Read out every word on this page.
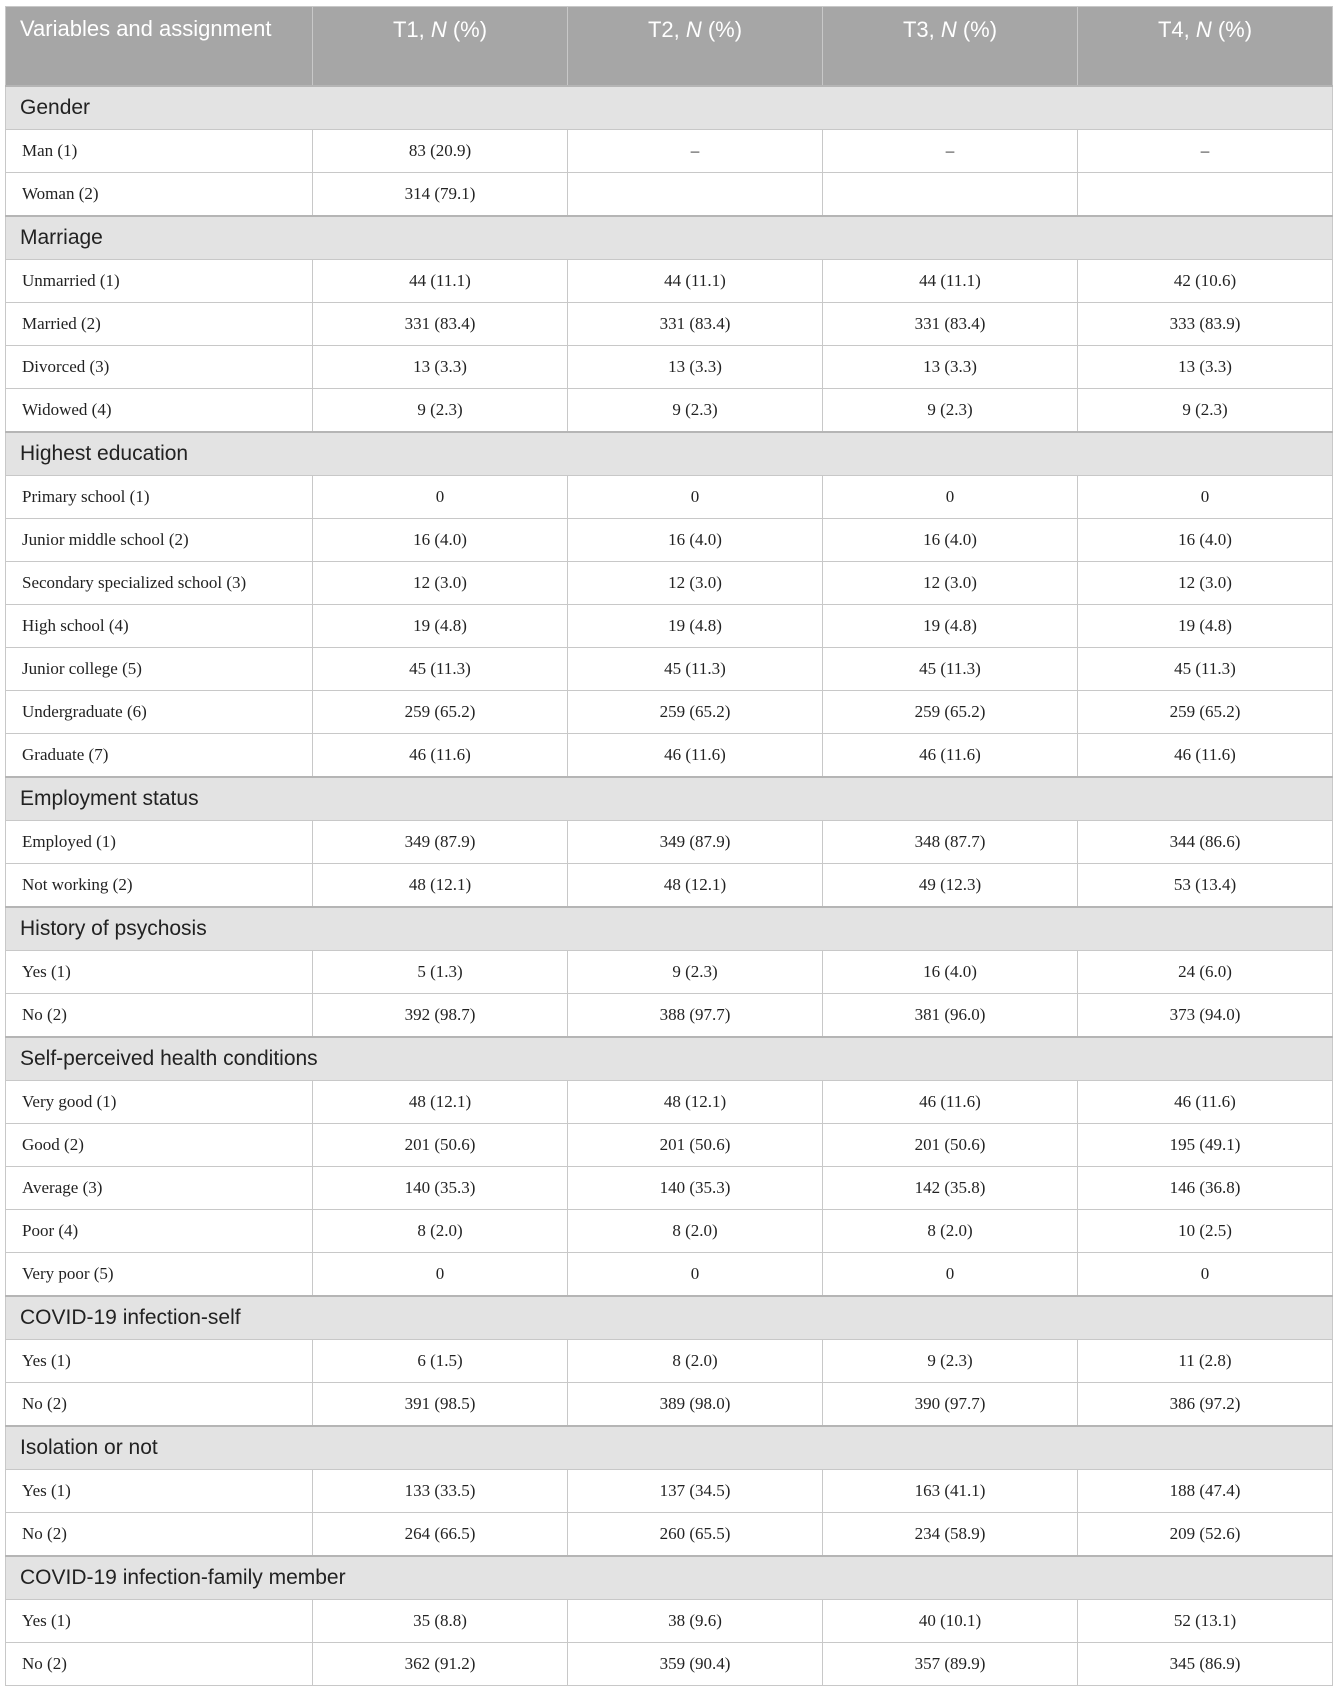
Variables and assignment	T1, N (%)	T2, N (%)	T3, N (%)	T4, N (%)
Gender				
Man (1)	83 (20.9)	–	–	–
Woman (2)	314 (79.1)			
Marriage				
Unmarried (1)	44 (11.1)	44 (11.1)	44 (11.1)	42 (10.6)
Married (2)	331 (83.4)	331 (83.4)	331 (83.4)	333 (83.9)
Divorced (3)	13 (3.3)	13 (3.3)	13 (3.3)	13 (3.3)
Widowed (4)	9 (2.3)	9 (2.3)	9 (2.3)	9 (2.3)
Highest education				
Primary school (1)	0	0	0	0
Junior middle school (2)	16 (4.0)	16 (4.0)	16 (4.0)	16 (4.0)
Secondary specialized school (3)	12 (3.0)	12 (3.0)	12 (3.0)	12 (3.0)
High school (4)	19 (4.8)	19 (4.8)	19 (4.8)	19 (4.8)
Junior college (5)	45 (11.3)	45 (11.3)	45 (11.3)	45 (11.3)
Undergraduate (6)	259 (65.2)	259 (65.2)	259 (65.2)	259 (65.2)
Graduate (7)	46 (11.6)	46 (11.6)	46 (11.6)	46 (11.6)
Employment status				
Employed (1)	349 (87.9)	349 (87.9)	348 (87.7)	344 (86.6)
Not working (2)	48 (12.1)	48 (12.1)	49 (12.3)	53 (13.4)
History of psychosis				
Yes (1)	5 (1.3)	9 (2.3)	16 (4.0)	24 (6.0)
No (2)	392 (98.7)	388 (97.7)	381 (96.0)	373 (94.0)
Self-perceived health conditions				
Very good (1)	48 (12.1)	48 (12.1)	46 (11.6)	46 (11.6)
Good (2)	201 (50.6)	201 (50.6)	201 (50.6)	195 (49.1)
Average (3)	140 (35.3)	140 (35.3)	142 (35.8)	146 (36.8)
Poor (4)	8 (2.0)	8 (2.0)	8 (2.0)	10 (2.5)
Very poor (5)	0	0	0	0
COVID-19 infection-self				
Yes (1)	6 (1.5)	8 (2.0)	9 (2.3)	11 (2.8)
No (2)	391 (98.5)	389 (98.0)	390 (97.7)	386 (97.2)
Isolation or not				
Yes (1)	133 (33.5)	137 (34.5)	163 (41.1)	188 (47.4)
No (2)	264 (66.5)	260 (65.5)	234 (58.9)	209 (52.6)
COVID-19 infection-family member				
Yes (1)	35 (8.8)	38 (9.6)	40 (10.1)	52 (13.1)
No (2)	362 (91.2)	359 (90.4)	357 (89.9)	345 (86.9)
